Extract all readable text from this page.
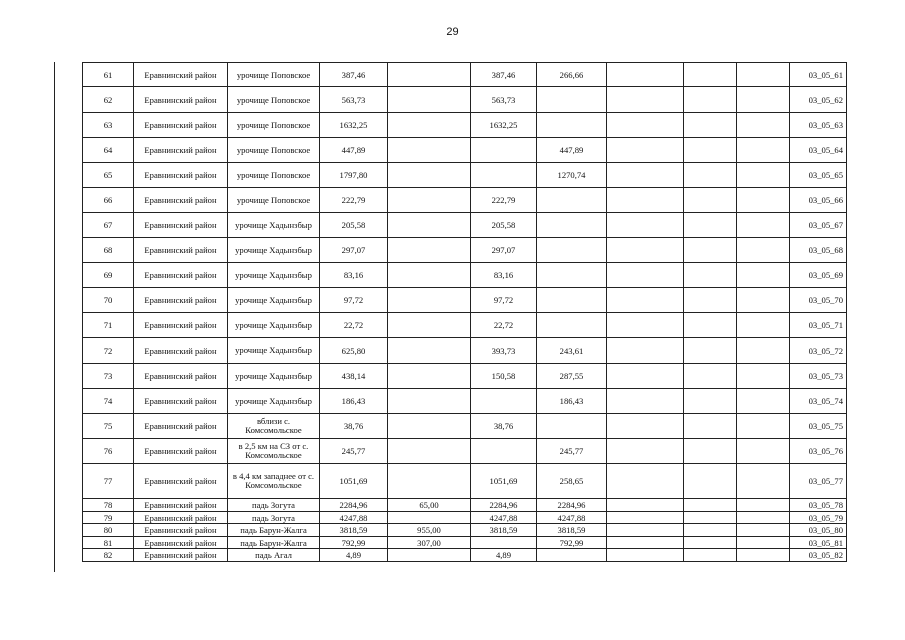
29
61	Еравнинский район	урочище Поповское	387,46		387,46	266,66				03_05_61
62	Еравнинский район	урочище Поповское	563,73		563,73					03_05_62
63	Еравнинский район	урочище Поповское	1632,25		1632,25					03_05_63
64	Еравнинский район	урочище Поповское	447,89			447,89				03_05_64
65	Еравнинский район	урочище Поповское	1797,80			1270,74				03_05_65
66	Еравнинский район	урочище Поповское	222,79		222,79					03_05_66
67	Еравнинский район	урочище Хадынзбыр	205,58		205,58					03_05_67
68	Еравнинский район	урочище Хадынзбыр	297,07		297,07					03_05_68
69	Еравнинский район	урочище Хадынзбыр	83,16		83,16					03_05_69
70	Еравнинский район	урочище Хадынзбыр	97,72		97,72					03_05_70
71	Еравнинский район	урочище Хадынзбыр	22,72		22,72					03_05_71
72	Еравнинский район	урочище Хадынзбыр	625,80		393,73	243,61				03_05_72
73	Еравнинский район	урочище Хадынзбыр	438,14		150,58	287,55				03_05_73
74	Еравнинский район	урочище Хадынзбыр	186,43			186,43				03_05_74
75	Еравнинский район	вблизи с. Комсомольское	38,76		38,76					03_05_75
76	Еравнинский район	в 2,5 км на СЗ от с. Комсомольское	245,77			245,77				03_05_76
77	Еравнинский район	в 4,4 км западнее от с. Комсомольское	1051,69		1051,69	258,65				03_05_77
78	Еравнинский район	падь Зогута	2284,96	65,00	2284,96	2284,96				03_05_78
79	Еравнинский район	падь Зогута	4247,88		4247,88	4247,88				03_05_79
80	Еравнинский район	падь Барун-Жалга	3818,59	955,00	3818,59	3818,59				03_05_80
81	Еравнинский район	падь Барун-Жалга	792,99	307,00		792,99				03_05_81
82	Еравнинский район	падь Агал	4,89		4,89					03_05_82
